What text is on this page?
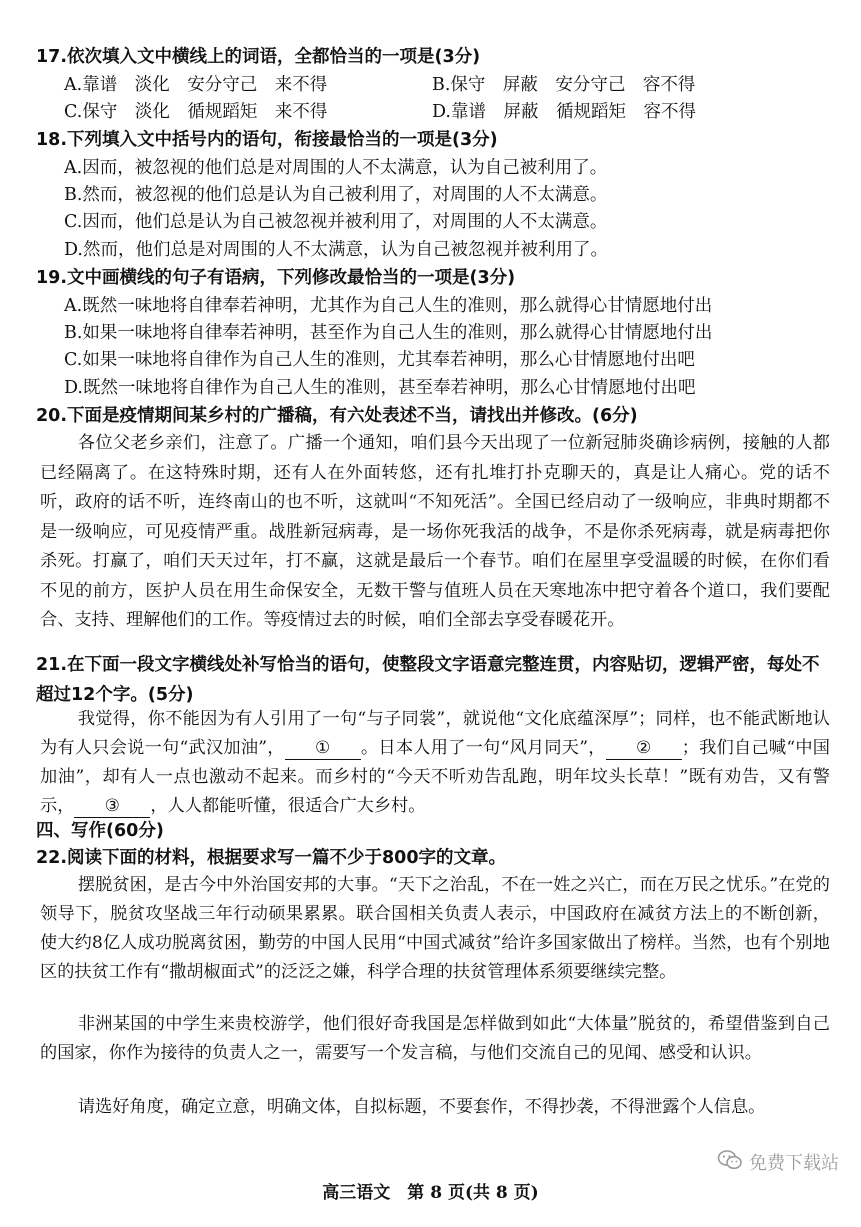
17.依次填入文中横线上的词语，全都恰当的一项是(3分)
A.靠谱　淡化　安分守己　来不得	B.保守　屏蔽　安分守己　容不得
C.保守　淡化　循规蹈矩　来不得	D.靠谱　屏蔽　循规蹈矩　容不得
18.下列填入文中括号内的语句，衔接最恰当的一项是(3分)
A.因而，被忽视的他们总是对周围的人不太满意，认为自己被利用了。
B.然而，被忽视的他们总是认为自己被利用了，对周围的人不太满意。
C.因而，他们总是认为自己被忽视并被利用了，对周围的人不太满意。
D.然而，他们总是对周围的人不太满意，认为自己被忽视并被利用了。
19.文中画横线的句子有语病，下列修改最恰当的一项是(3分)
A.既然一味地将自律奉若神明，尤其作为自己人生的准则，那么就得心甘情愿地付出
B.如果一味地将自律奉若神明，甚至作为自己人生的准则，那么就得心甘情愿地付出
C.如果一味地将自律作为自己人生的准则，尤其奉若神明，那么心甘情愿地付出吧
D.既然一味地将自律作为自己人生的准则，甚至奉若神明，那么心甘情愿地付出吧
20.下面是疫情期间某乡村的广播稿，有六处表述不当，请找出并修改。(6分)
各位父老乡亲们，注意了。广播一个通知，咱们县今天出现了一位新冠肺炎确诊病例，接触的人都已经隔离了。在这特殊时期，还有人在外面转悠，还有扎堆打扑克聊天的，真是让人痛心。党的话不听，政府的话不听，连终南山的也不听，这就叫“不知死活”。全国已经启动了一级响应，非典时期都不是一级响应，可见疫情严重。战胜新冠病毒，是一场你死我活的战争，不是你杀死病毒，就是病毒把你杀死。打赢了，咱们天天过年，打不赢，这就是最后一个春节。咱们在屋里享受温暖的时候，在你们看不见的前方，医护人员在用生命保安全，无数干警与值班人员在天寒地冻中把守着各个道口，我们要配合、支持、理解他们的工作。等疫情过去的时候，咱们全部去享受春暖花开。
21.在下面一段文字横线处补写恰当的语句，使整段文字语意完整连贯，内容贴切，逻辑严密，每处不超过12个字。(5分)
我觉得，你不能因为有人引用了一句“与子同裳”，就说他“文化底蕴深厚”；同样，也不能武断地认为有人只会说一句“武汉加油”， ① 。日本人用了一句“风月同天”， ② ；我们自己喊“中国加油”，却有人一点也激动不起来。而乡村的“今天不听劝告乱跑，明年坟头长草！”既有劝告，又有警示， ③ ，人人都能听懂，很适合广大乡村。
四、写作(60分)
22.阅读下面的材料，根据要求写一篇不少于800字的文章。
摆脱贫困，是古今中外治国安邦的大事。“天下之治乱，不在一姓之兴亡，而在万民之忧乐。”在党的领导下，脱贫攻坚战三年行动硕果累累。联合国相关负责人表示，中国政府在减贫方法上的不断创新，使大约8亿人成功脱离贫困，勤劳的中国人民用“中国式减贫”给许多国家做出了榜样。当然，也有个别地区的扶贫工作有“撒胡椒面式”的泛泛之嫌，科学合理的扶贫管理体系须要继续完整。
非洲某国的中学生来贵校游学，他们很好奇我国是怎样做到如此“大体量”脱贫的，希望借鉴到自己的国家，你作为接待的负责人之一，需要写一个发言稿，与他们交流自己的见闻、感受和认识。
请选好角度，确定立意，明确文体，自拟标题，不要套作，不得抄袭，不得泄露个人信息。
免费下载站
高三语文　第 8 页(共 8 页)
